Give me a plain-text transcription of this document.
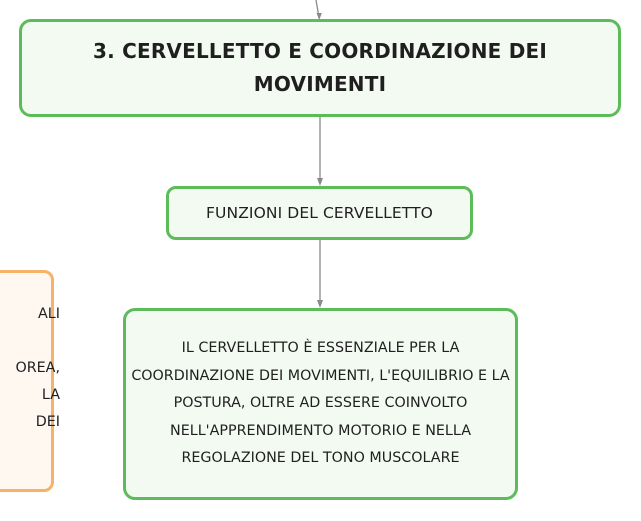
3. CERVELLETTO E COORDINAZIONE DEI MOVIMENTI
FUNZIONI DEL CERVELLETTO
IL CERVELLETTO È ESSENZIALE PER LA COORDINAZIONE DEI MOVIMENTI, L'EQUILIBRIO E LA POSTURA, OLTRE AD ESSERE COINVOLTO NELL'APPRENDIMENTO MOTORIO E NELLA REGOLAZIONE DEL TONO MUSCOLARE
ALI
OREA,
LA
DEI
